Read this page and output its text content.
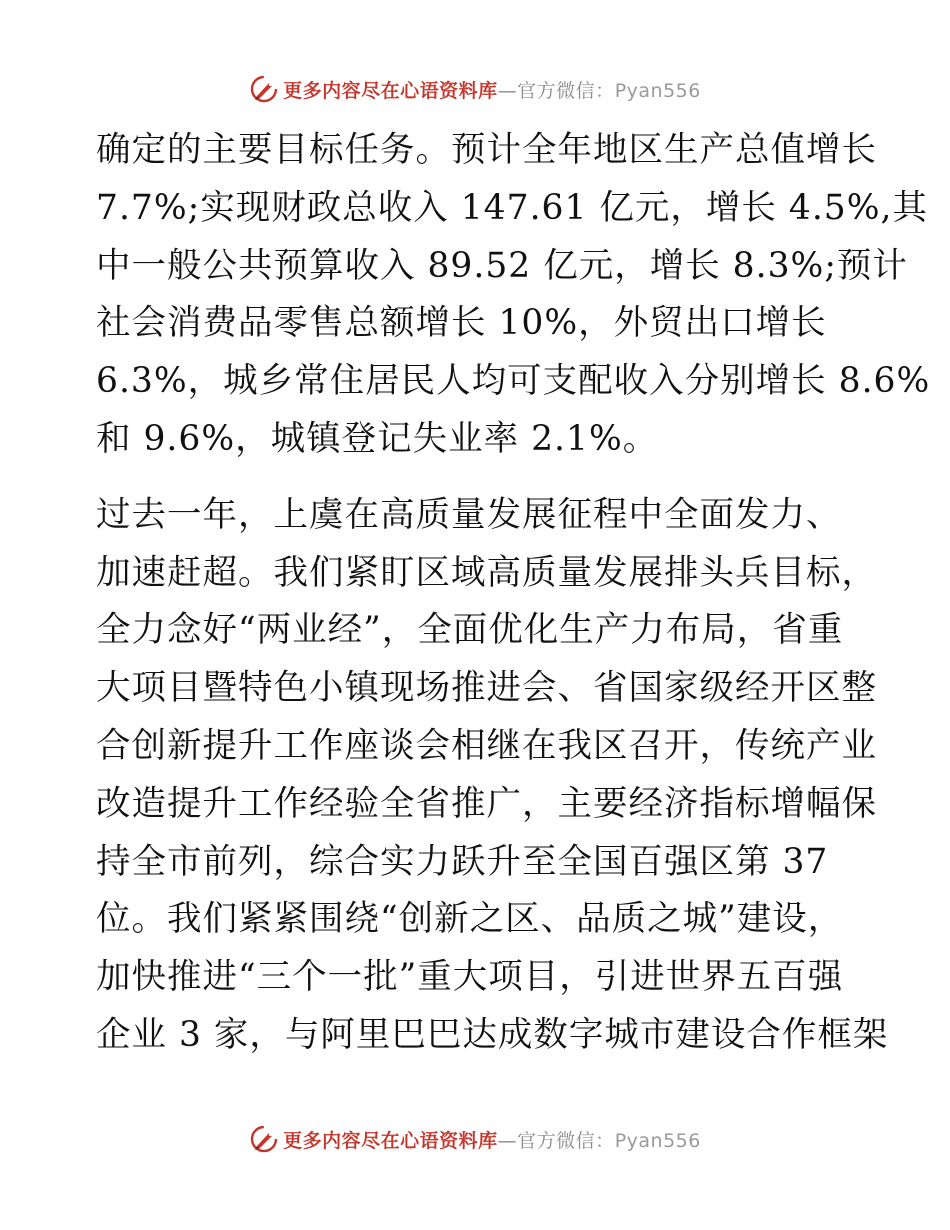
更多内容尽在心语资料库—官方微信：Pyan556

确定的主要目标任务。预计全年地区生产总值增长
7.7%;实现财政总收入 147.61 亿元，增长 4.5%,其
中一般公共预算收入 89.52 亿元，增长 8.3%;预计
社会消费品零售总额增长 10%，外贸出口增长
6.3%，城乡常住居民人均可支配收入分别增长 8.6%
和 9.6%，城镇登记失业率 2.1%。

过去一年，上虞在高质量发展征程中全面发力、
加速赶超。我们紧盯区域高质量发展排头兵目标，
全力念好“两业经”，全面优化生产力布局，省重
大项目暨特色小镇现场推进会、省国家级经开区整
合创新提升工作座谈会相继在我区召开，传统产业
改造提升工作经验全省推广，主要经济指标增幅保
持全市前列，综合实力跃升至全国百强区第 37
位。我们紧紧围绕“创新之区、品质之城”建设，
加快推进“三个一批”重大项目，引进世界五百强
企业 3 家，与阿里巴巴达成数字城市建设合作框架

更多内容尽在心语资料库—官方微信：Pyan556
